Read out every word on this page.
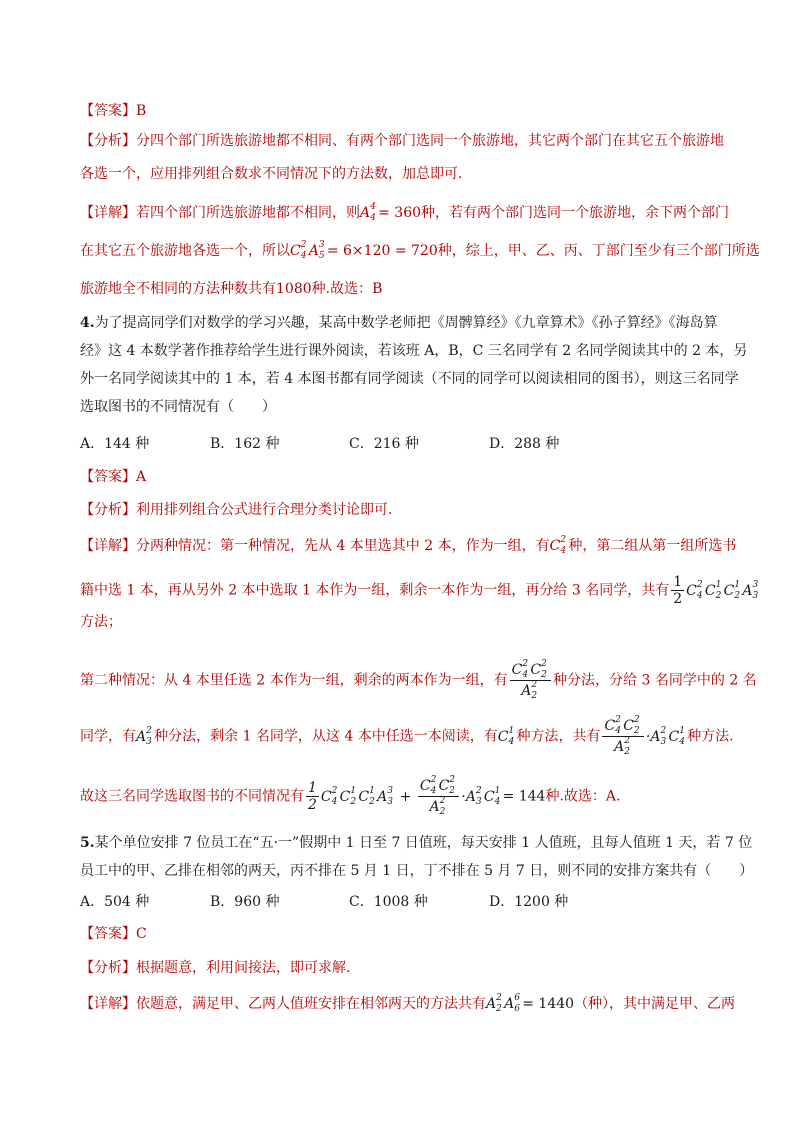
【答案】B
【分析】分四个部门所选旅游地都不相同、有两个部门选同一个旅游地，其它两个部门在其它五个旅游地
各选一个，应用排列组合数求不同情况下的方法数，加总即可.
【详解】若四个部门所选旅游地都不相同，则A 4
4 = 360种，若有两个部门选同一个旅游地，余下两个部门
在其它五个旅游地各选一个，所以C 2
4 A 3
5 = 6×120 = 720种，综上，甲、乙、丙、丁部门至少有三个部门所选
旅游地全不相同的方法种数共有1080种.故选：B
4.为了提高同学们对数学的学习兴趣，某高中数学老师把《周髀算经》《九章算术》《孙子算经》《海岛算
经》这 4 本数学著作推荐给学生进行课外阅读，若该班 A，B，C 三名同学有 2 名同学阅读其中的 2 本，另
外一名同学阅读其中的 1 本，若 4 本图书都有同学阅读（不同的同学可以阅读相同的图书），则这三名同学
选取图书的不同情况有（　　）
A．144 种	B．162 种	C．216 种	D．288 种
【答案】A
【分析】利用排列组合公式进行合理分类讨论即可.
【详解】分两种情况：第一种情况，先从 4 本里选其中 2 本，作为一组，有C 2
4 种，第二组从第一组所选书
籍中选 1 本，再从另外 2 本中选取 1 本作为一组，剩余一本作为一组，再分给 3 名同学，共有 $\frac{1}{2}$ C 2
4 C 1
2 C 1
2 A 3
3
方法；
第二种情况：从 4 本里任选 2 本作为一组，剩余的两本作为一组，有 C 2
4 C 2
2
A 2
2 种分法，分给 3 名同学中的 2 名
同学，有A 2
3 种分法，剩余 1 名同学，从这 4 本中任选一本阅读，有C 1
4 种方法，共有 C 2
4 C 2
2
A 2
2 ·A 2
3 C 1
4 种方法.
故这三名同学选取图书的不同情况有 $\frac{1}{2}$ C 2
4 C 1
2 C 1
2 A 3
3 + C 2
4 C 2
2
A 2
2 ·A 2
3 C 1
4 = 144种.故选：A.
5.某个单位安排 7 位员工在“五·一”假期中 1 日至 7 日值班，每天安排 1 人值班，且每人值班 1 天，若 7 位
员工中的甲、乙排在相邻的两天，丙不排在 5 月 1 日，丁不排在 5 月 7 日，则不同的安排方案共有（　　）
A．504 种	B．960 种	C．1008 种	D．1200 种
【答案】C
【分析】根据题意，利用间接法，即可求解.
【详解】依题意，满足甲、乙两人值班安排在相邻两天的方法共有A 2
2 A 6
6 = 1440（种），其中满足甲、乙两
